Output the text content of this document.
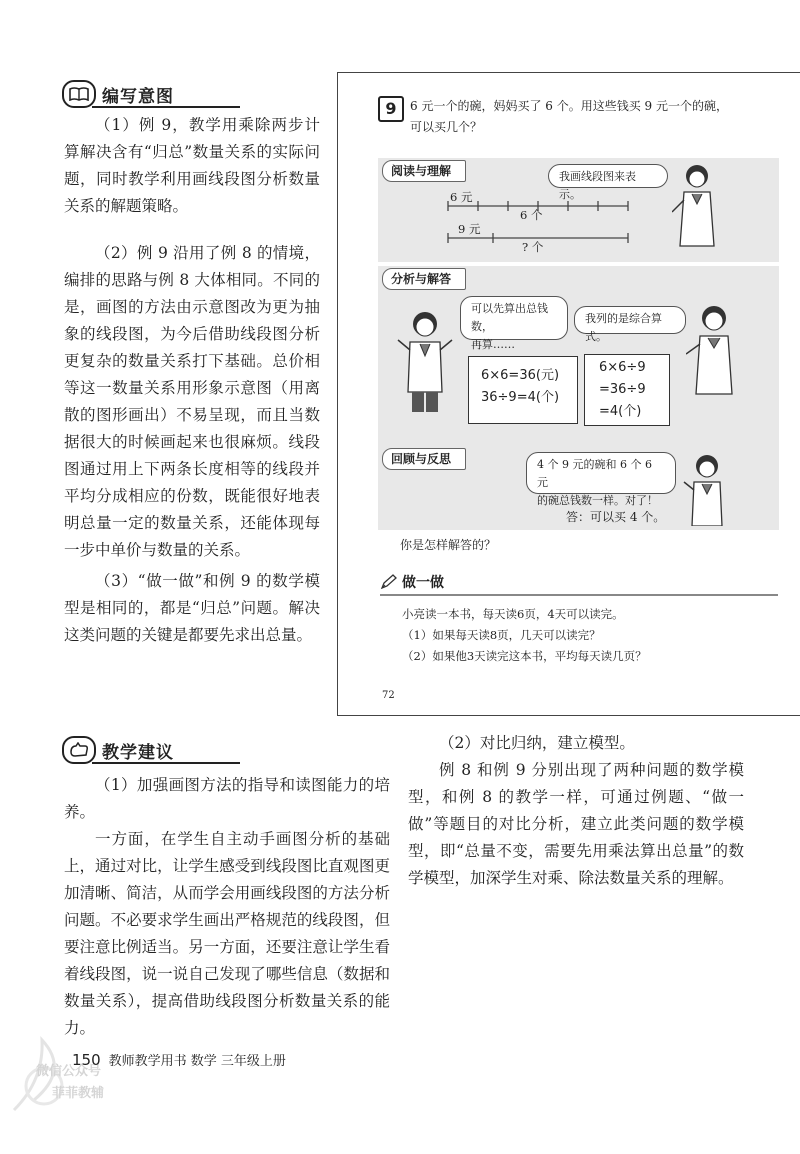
编写意图

（1）例 9，教学用乘除两步计算解决含有“归总”数量关系的实际问题，同时教学利用画线段图分析数量关系的解题策略。

（2）例 9 沿用了例 8 的情境，编排的思路与例 8 大体相同。不同的是，画图的方法由示意图改为更为抽象的线段图，为今后借助线段图分析更复杂的数量关系打下基础。总价相等这一数量关系用形象示意图（用离散的图形画出）不易呈现，而且当数据很大的时候画起来也很麻烦。线段图通过用上下两条长度相等的线段并平均分成相应的份数，既能很好地表明总量一定的数量关系，还能体现每一步中单价与数量的关系。

（3）“做一做”和例 9 的数学模型是相同的，都是“归总”问题。解决这类问题的关键是都要先求出总量。

9	6 元一个的碗，妈妈买了 6 个。用这些钱买 9 元一个的碗，
可以买几个？
阅读与理解	我画线段图来表示。
6 元
6 个
9 元
? 个
分析与解答
可以先算出总钱数，
再算……
我列的是综合算式。
6×6=36(元)
36÷9=4(个)
6×6÷9
=36÷9
=4(个)
回顾与反思	4 个 9 元的碗和 6 个 6 元
的碗总钱数一样。对了！
答：可以买 4 个。
你是怎样解答的？
做一做
小亮读一本书，每天读6页，4天可以读完。
（1）如果每天读8页，几天可以读完？
（2）如果他3天读完这本书，平均每天读几页？
72
教学建议

（1）加强画图方法的指导和读图能力的培养。

一方面，在学生自主动手画图分析的基础上，通过对比，让学生感受到线段图比直观图更加清晰、简洁，从而学会用画线段图的方法分析问题。不必要求学生画出严格规范的线段图，但要注意比例适当。另一方面，还要注意让学生看着线段图，说一说自己发现了哪些信息（数据和数量关系），提高借助线段图分析数量关系的能力。

（2）对比归纳，建立模型。

例 8 和例 9 分别出现了两种问题的数学模型，和例 8 的教学一样，可通过例题、“做一做”等题目的对比分析，建立此类问题的数学模型，即“总量不变，需要先用乘法算出总量”的数学模型，加深学生对乘、除法数量关系的理解。

微信公众号
菲菲教辅
150 教师教学用书 数学 三年级上册
